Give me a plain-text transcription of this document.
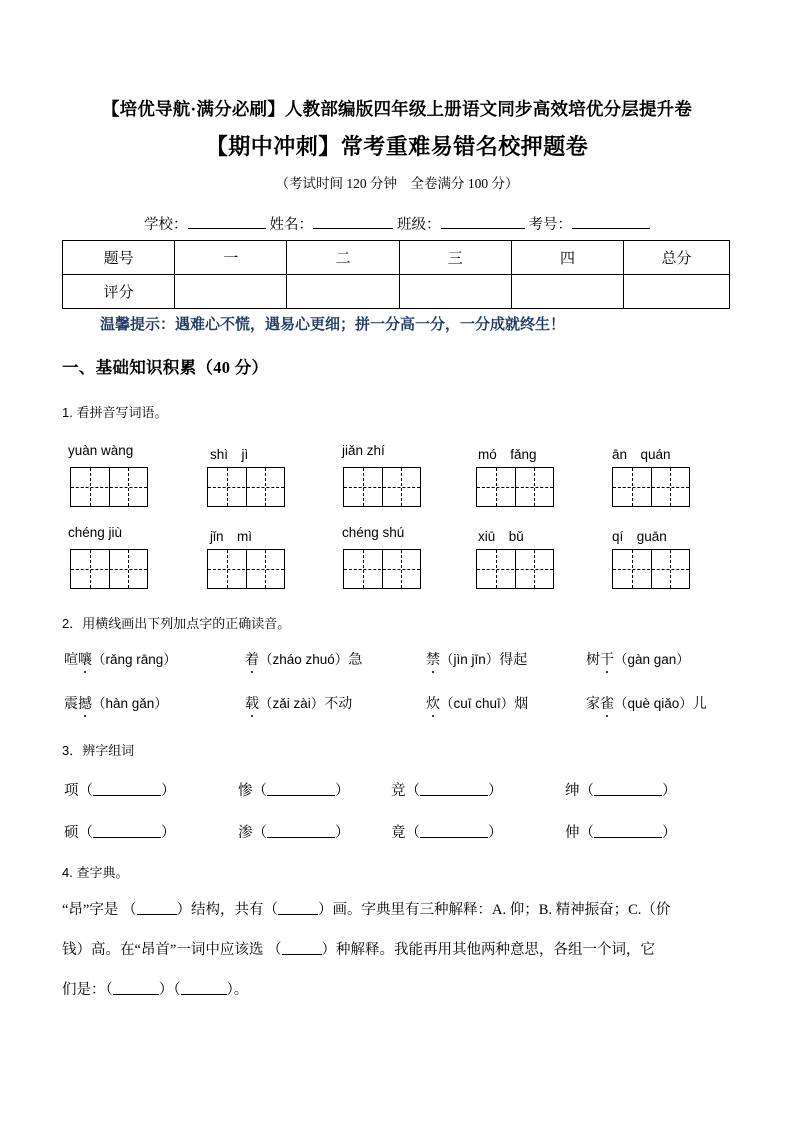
【培优导航·满分必刷】人教部编版四年级上册语文同步高效培优分层提升卷
【期中冲刺】常考重难易错名校押题卷
（考试时间 120 分钟　全卷满分 100 分）
学校：	姓名：	班级：	考号：
题号	一	二	三	四	总分
评分					
温馨提示：遇难心不慌，遇易心更细；拼一分高一分，一分成就终生！
一、基础知识积累（40 分）
1. 看拼音写词语。
yuàn wàng	shì　jì	jiǎn zhí	mó　fǎng	ān　quán
chéng jiù	jǐn　mì	chéng shú	xiū　bǔ	qí　guān
2．用横线画出下列加点字的正确读音。
喧嚷（rǎng rāng）	着（zháo zhuó）急	禁（jìn jīn）得起	树干（gàn gan）
震撼（hàn gǎn）	载（zǎi zài）不动	炊（cuī chuī）烟	家雀（què qiǎo）儿
3．辨字组词
项（	）	惨（	）	竞（	）	绅（	）
硕（	）	渗（	）	竟（	）	伸（	）
4. 查字典。
“昂”字是 （	）结构，共有（	）画。字典里有三种解释：A. 仰；B. 精神振奋；C.（价
钱）高。在“昂首”一词中应该选 （	）种解释。我能再用其他两种意思，各组一个词，它
们是：（	）（	）。
